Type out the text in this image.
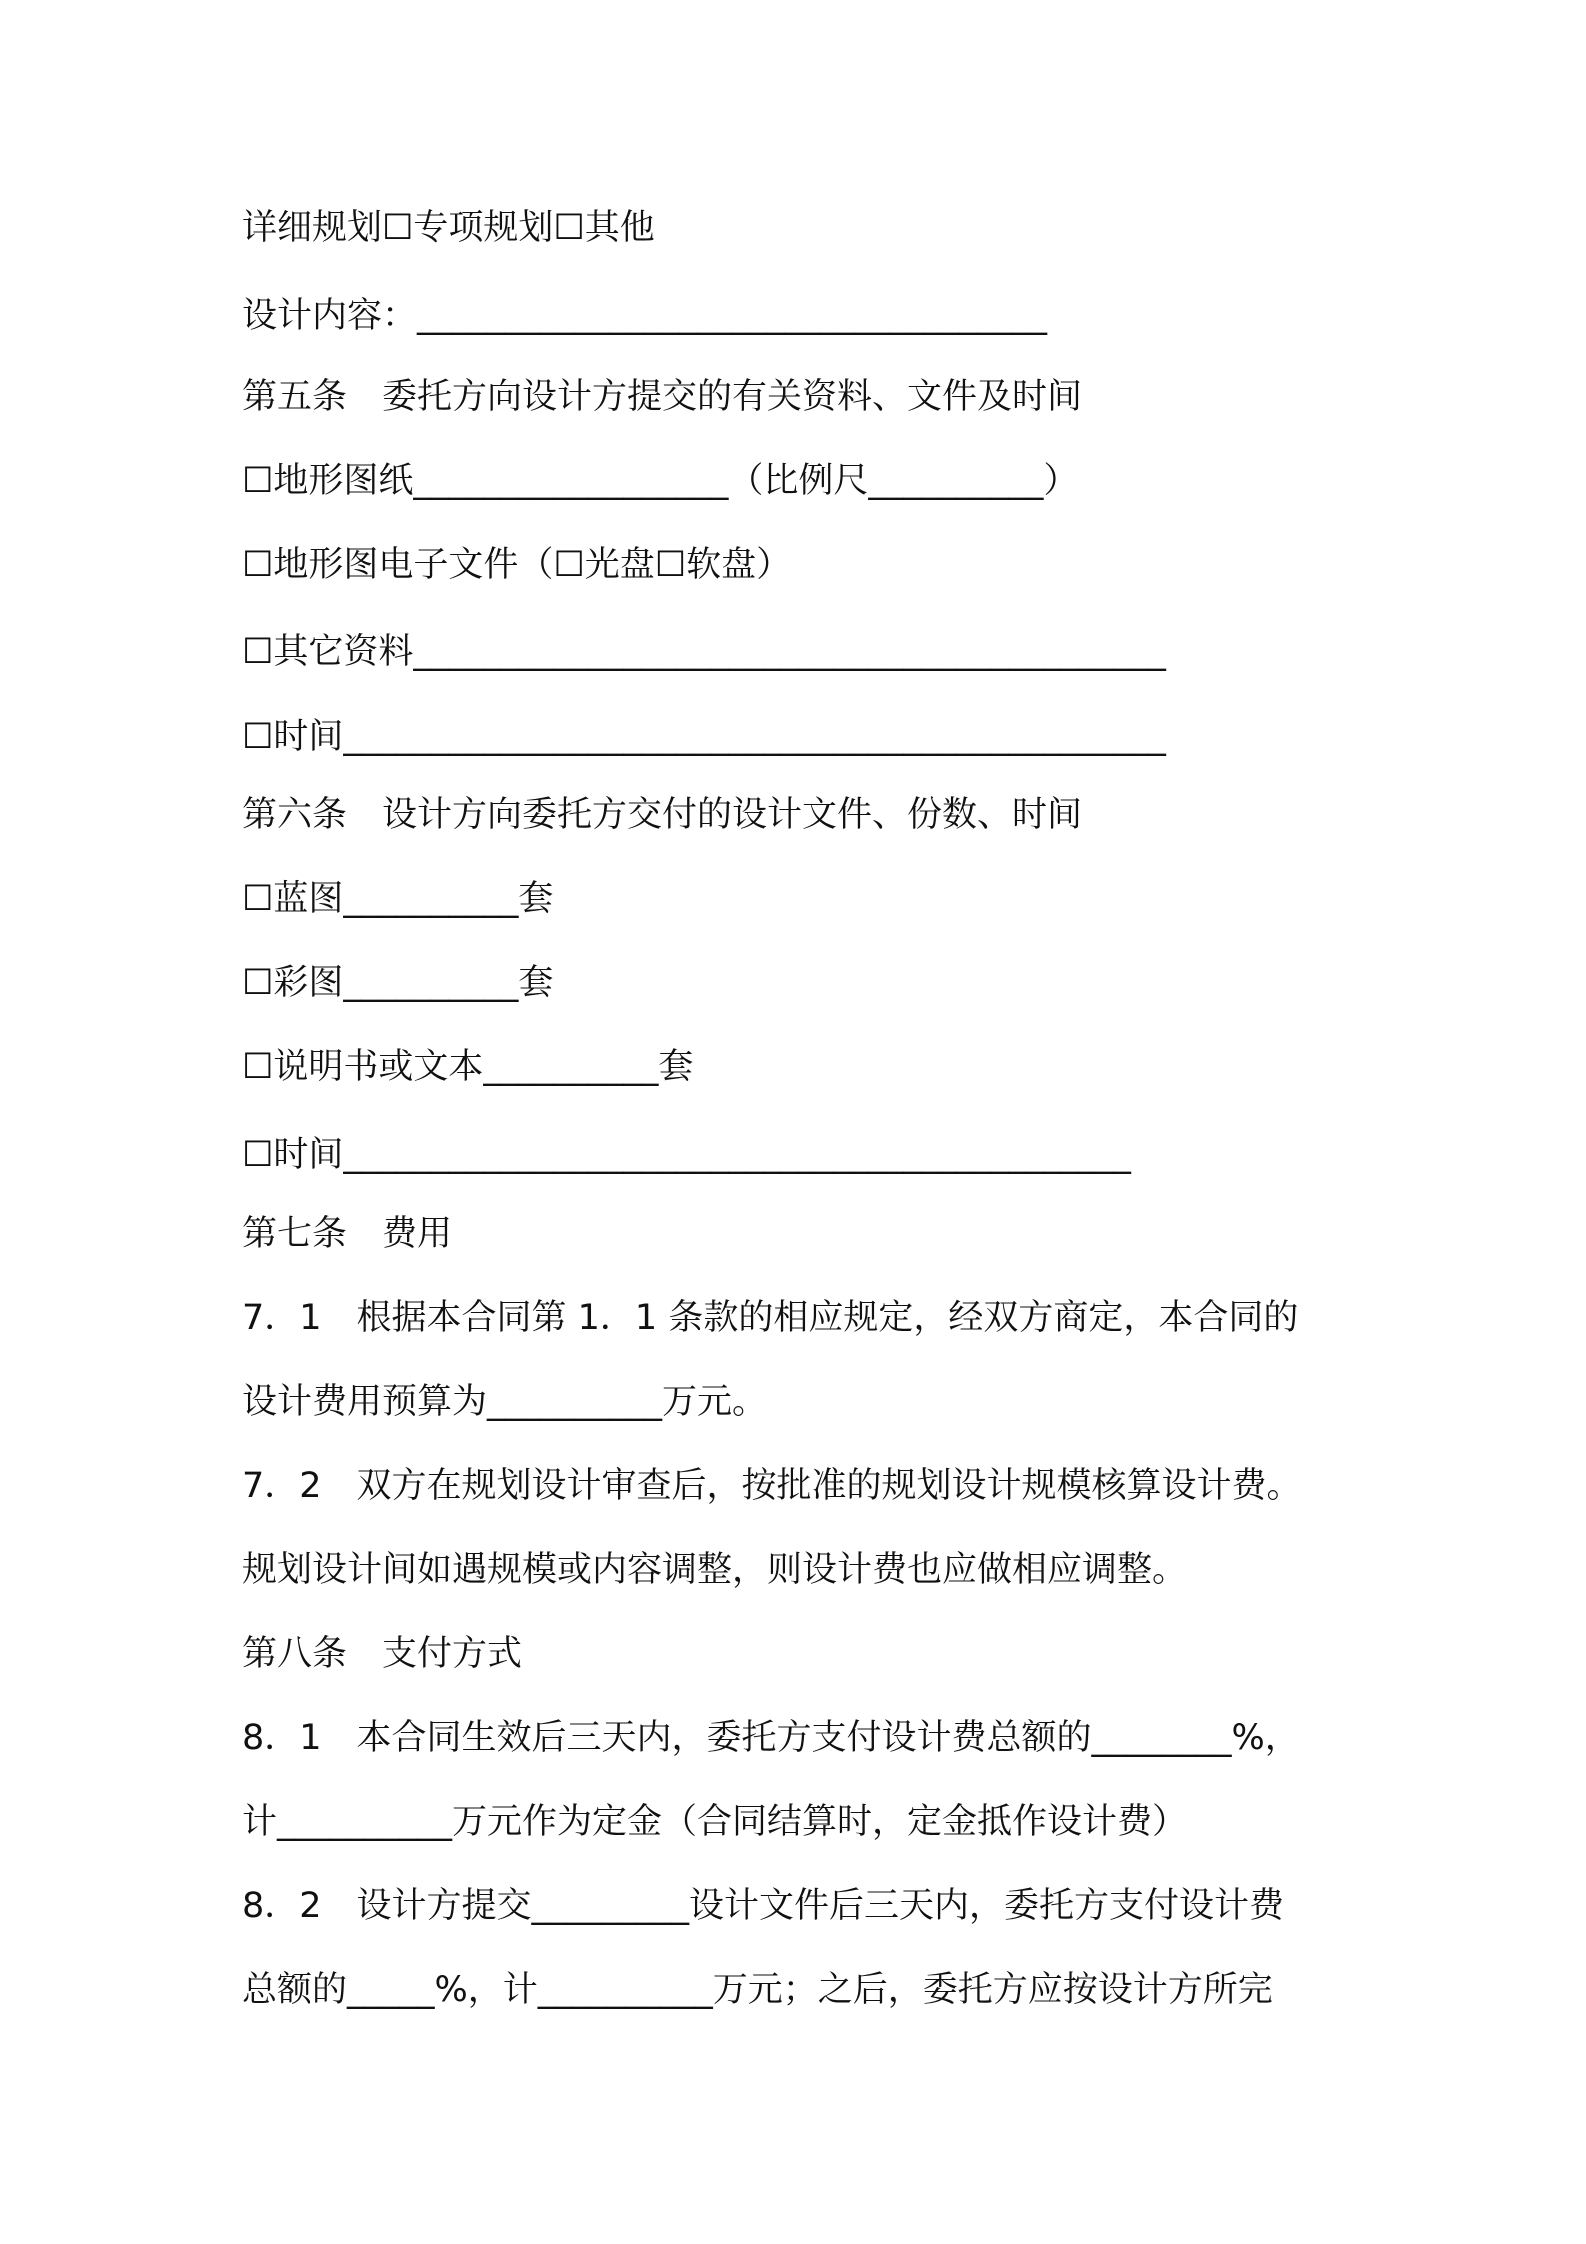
详细规划☐专项规划☐其他
设计内容：____________________________________
第五条　委托方向设计方提交的有关资料、文件及时间
☐地形图纸__________________（比例尺__________）
☐地形图电子文件（☐光盘☐软盘）
☐其它资料___________________________________________
☐时间_______________________________________________
第六条　设计方向委托方交付的设计文件、份数、时间
☐蓝图__________套
☐彩图__________套
☐说明书或文本__________套
☐时间_____________________________________________
第七条　费用
7．1　根据本合同第 1．1 条款的相应规定，经双方商定，本合同的
设计费用预算为__________万元。
7．2　双方在规划设计审查后，按批准的规划设计规模核算设计费。
规划设计间如遇规模或内容调整，则设计费也应做相应调整。
第八条　支付方式
8．1　本合同生效后三天内，委托方支付设计费总额的________%，
计__________万元作为定金（合同结算时，定金抵作设计费）
8．2　设计方提交_________设计文件后三天内，委托方支付设计费
总额的_____%，计__________万元；之后，委托方应按设计方所完
